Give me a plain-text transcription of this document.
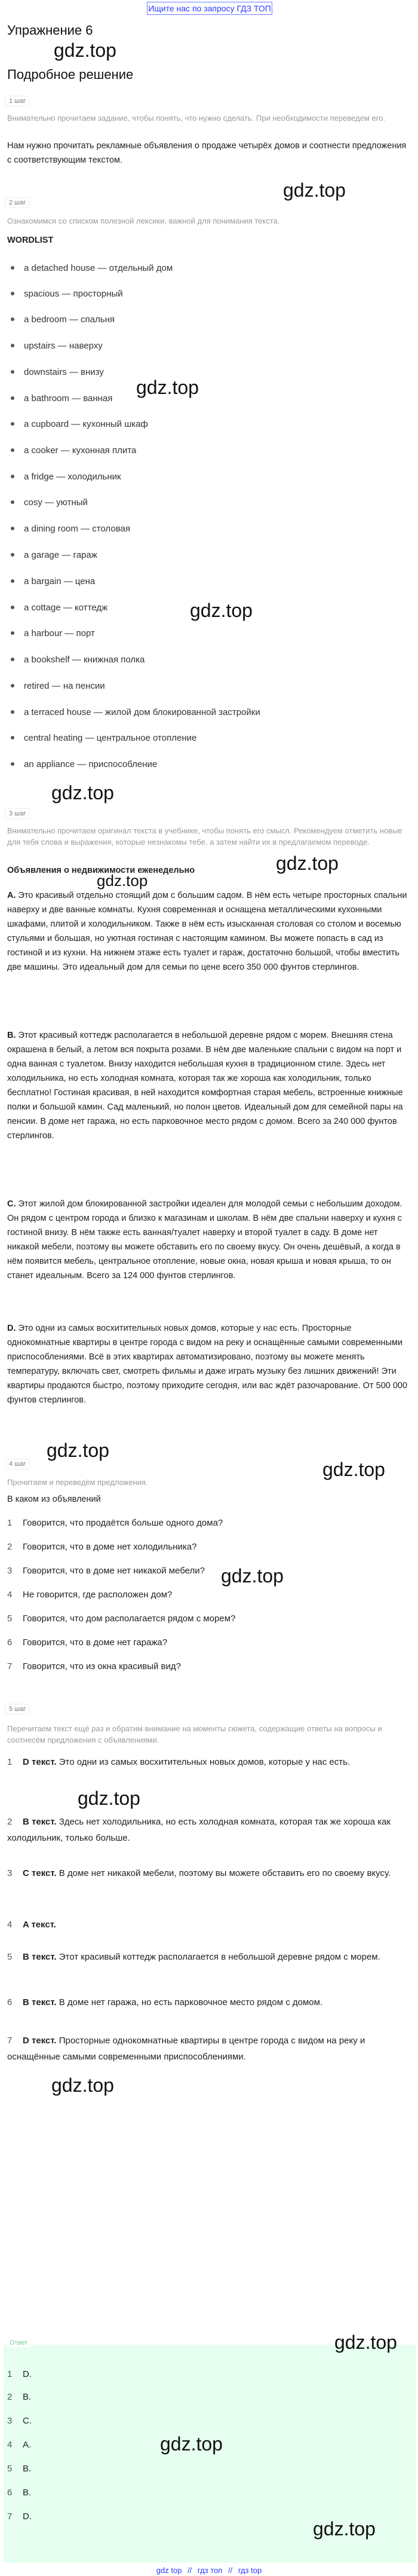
Ищите нас по запросу ГДЗ ТОП
Упражнение 6
gdz.top
Подробное решение
1 шаг
Внимательно прочитаем задание, чтобы понять, что нужно сделать. При необходимости переведем его.
Нам нужно прочитать рекламные объявления о продаже четырёх домов и соотнести предложения с соответствующим текстом.
gdz.top
2 шаг
Ознакомимся со списком полезной лексики, важной для понимания текста.
WORDLIST
a detached house — отдельный дом
spacious — просторный
a bedroom — спальня
upstairs — наверху
downstairs — внизу
gdz.top
a bathroom — ванная
a cupboard — кухонный шкаф
a cooker — кухонная плита
a fridge — холодильник
cosy — уютный
a dining room — столовая
a garage — гараж
a bargain — цена
gdz.top
a cottage — коттедж
a harbour — порт
a bookshelf — книжная полка
retired — на пенсии
a terraced house — жилой дом блокированной застройки
central heating — центральное отопление
an appliance — приспособление
gdz.top
3 шаг
Внимательно прочитаем оригинал текста в учебнике, чтобы понять его смысл. Рекомендуем отметить новые для тебя слова и выражения, которые незнакомы тебе, а затем найти их в предлагаемом переводе.
gdz.top
Объявления о недвижимости еженедельно
gdz.top
A. Это красивый отдельно стоящий дом с большим садом. В нём есть четыре просторных спальни наверху и две ванные комнаты. Кухня современная и оснащена металлическими кухонными шкафами, плитой и холодильником. Также в нём есть изысканная столовая со столом и восемью стульями и большая, но уютная гостиная с настоящим камином. Вы можете попасть в сад из гостиной и из кухни. На нижнем этаже есть туалет и гараж, достаточно большой, чтобы вместить две машины. Это идеальный дом для семьи по цене всего 350 000 фунтов стерлингов.
B. Этот красивый коттедж располагается в небольшой деревне рядом с морем. Внешняя стена окрашена в белый, а летом вся покрыта розами. В нём две маленькие спальни с видом на порт и одна ванная с туалетом. Внизу находится небольшая кухня в традиционном стиле. Здесь нет холодильника, но есть холодная комната, которая так же хороша как холодильник, только бесплатно! Гостиная красивая, в ней находится комфортная старая мебель, встроенные книжные полки и большой камин. Сад маленький, но полон цветов. Идеальный дом для семейной пары на пенсии. В доме нет гаража, но есть парковочное место рядом с домом. Всего за 240 000 фунтов стерлингов.
C. Этот жилой дом блокированной застройки идеален для молодой семьи с небольшим доходом. Он рядом с центром города и близко к магазинам и школам. В нём две спальни наверху и кухня с гостиной внизу. В нём также есть ванная/туалет наверху и второй туалет в саду. В доме нет никакой мебели, поэтому вы можете обставить его по своему вкусу. Он очень дешёвый, а когда в нём появится мебель, центральное отопление, новые окна, новая крыша и новая крыша, то он станет идеальным. Всего за 124 000 фунтов стерлингов.
D. Это одни из самых восхитительных новых домов, которые у нас есть. Просторные однокомнатные квартиры в центре города с видом на реку и оснащённые самыми современными приспособлениями. Всё в этих квартирах автоматизировано, поэтому вы можете менять температуру, включать свет, смотреть фильмы и даже играть музыку без лишних движений! Эти квартиры продаются быстро, поэтому приходите сегодня, или вас ждёт разочарование. От 500 000 фунтов стерлингов.
gdz.top
4 шаг	gdz.top
Прочитаем и переведём предложения.
В каком из объявлений
1 Говорится, что продаётся больше одного дома?
2 Говорится, что в доме нет холодильника?
3 Говорится, что в доме нет никакой мебели? gdz.top
4 Не говорится, где расположен дом?
5 Говорится, что дом располагается рядом с морем?
6 Говорится, что в доме нет гаража?
7 Говорится, что из окна красивый вид?
5 шаг
Перечитаем текст ещё раз и обратим внимание на моменты сюжета, содержащие ответы на вопросы и соотнесём предложения с объявлениями.
1 D текст. Это одни из самых восхитительных новых домов, которые у нас есть.
gdz.top
2 B текст. Здесь нет холодильника, но есть холодная комната, которая так же хороша как холодильник, только больше.
3 C текст. В доме нет никакой мебели, поэтому вы можете обставить его по своему вкусу.
4 A текст.
5 B текст. Этот красивый коттедж располагается в небольшой деревне рядом с морем.
6 B текст. В доме нет гаража, но есть парковочное место рядом с домом.
7 D текст. Просторные однокомнатные квартиры в центре города с видом на реку и оснащённые самыми современными приспособлениями.
gdz.top
Ответ	gdz.top
1 D.
2 B.
3 C.
4 A.	gdz.top
5 B.
6 B.
7 D.
gdz.top
gdz top // гдз топ // гдз top
